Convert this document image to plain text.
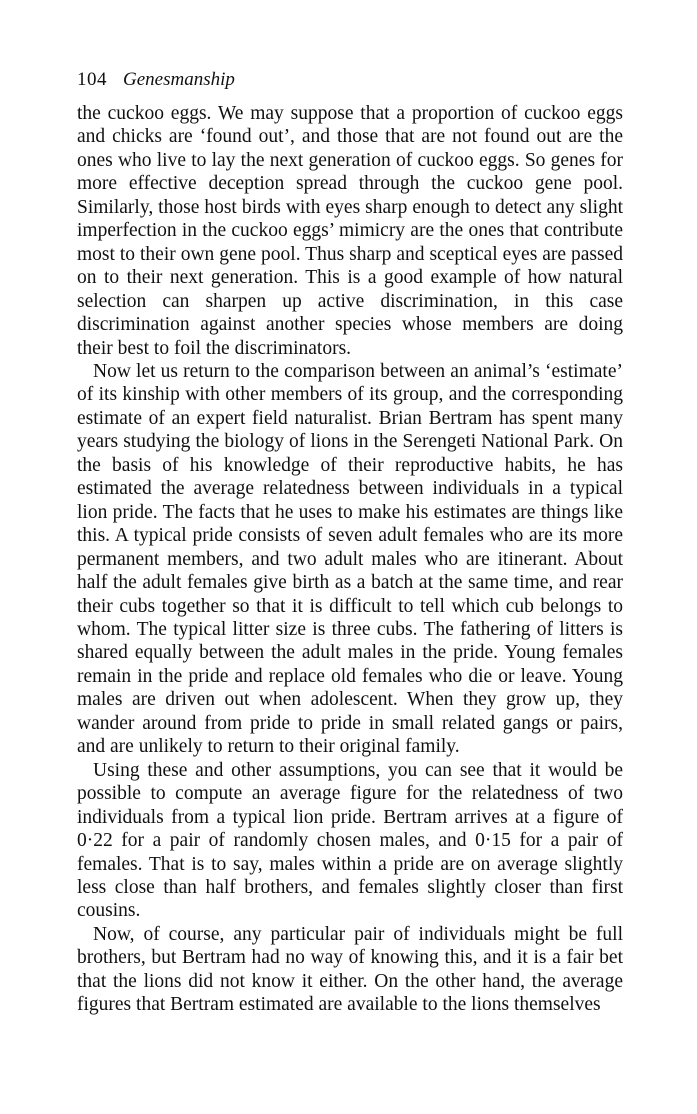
104 Genesmanship

the cuckoo eggs. We may suppose that a proportion of cuckoo eggs and chicks are ‘found out’, and those that are not found out are the ones who live to lay the next generation of cuckoo eggs. So genes for more effective deception spread through the cuckoo gene pool. Similarly, those host birds with eyes sharp enough to detect any slight imperfection in the cuckoo eggs’ mimicry are the ones that contribute most to their own gene pool. Thus sharp and sceptical eyes are passed on to their next generation. This is a good example of how natural selection can sharpen up active discrimination, in this case discrimination against another species whose members are doing their best to foil the discriminators.

Now let us return to the comparison between an animal’s ‘estimate’ of its kinship with other members of its group, and the corresponding estimate of an expert field naturalist. Brian Bertram has spent many years studying the biology of lions in the Serengeti National Park. On the basis of his knowledge of their reproductive habits, he has estimated the average relatedness between individuals in a typical lion pride. The facts that he uses to make his estimates are things like this. A typical pride consists of seven adult females who are its more permanent members, and two adult males who are itinerant. About half the adult females give birth as a batch at the same time, and rear their cubs together so that it is difficult to tell which cub belongs to whom. The typical litter size is three cubs. The fathering of litters is shared equally between the adult males in the pride. Young females remain in the pride and replace old females who die or leave. Young males are driven out when adolescent. When they grow up, they wander around from pride to pride in small related gangs or pairs, and are unlikely to return to their original family.

Using these and other assumptions, you can see that it would be possible to compute an average figure for the relatedness of two individuals from a typical lion pride. Bertram arrives at a figure of 0·22 for a pair of randomly chosen males, and 0·15 for a pair of females. That is to say, males within a pride are on average slightly less close than half brothers, and females slightly closer than first cousins.

Now, of course, any particular pair of individuals might be full brothers, but Bertram had no way of knowing this, and it is a fair bet that the lions did not know it either. On the other hand, the average figures that Bertram estimated are available to the lions themselves
